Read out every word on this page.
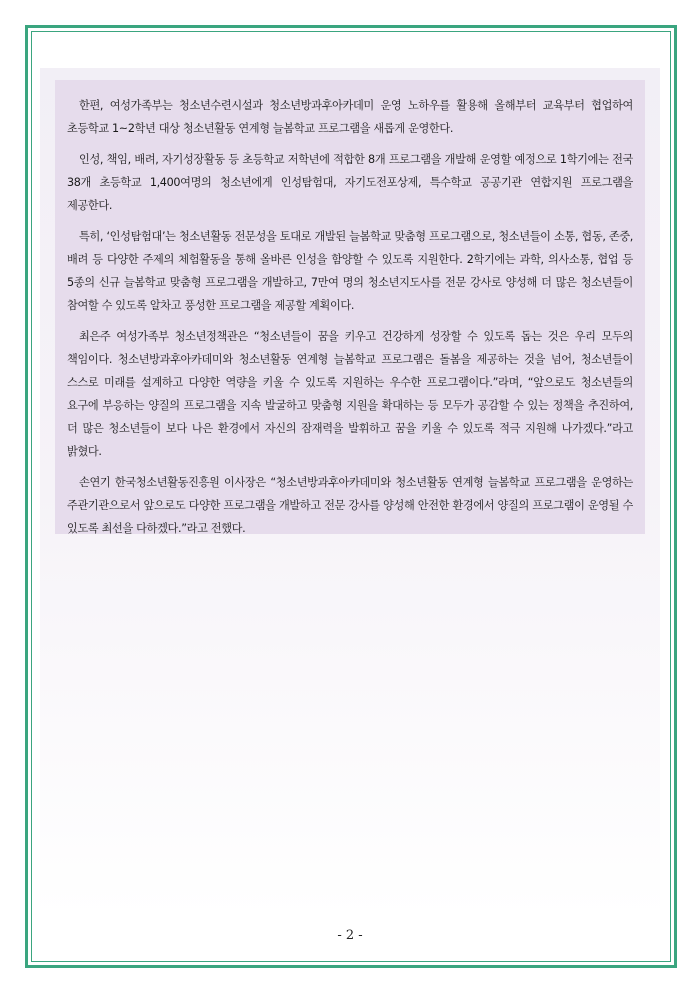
한편, 여성가족부는 청소년수련시설과 청소년방과후아카데미 운영 노하우를 활용해 올해부터 교육부터 협업하여 초등학교 1~2학년 대상 청소년활동 연계형 늘봄학교 프로그램을 새롭게 운영한다.

인성, 책임, 배려, 자기성장활동 등 초등학교 저학년에 적합한 8개 프로그램을 개발해 운영할 예정으로 1학기에는 전국 38개 초등학교 1,400여명의 청소년에게 인성탐험대, 자기도전포상제, 특수학교 공공기관 연합지원 프로그램을 제공한다.

특히, ‘인성탐험대’는 청소년활동 전문성을 토대로 개발된 늘봄학교 맞춤형 프로그램으로, 청소년들이 소통, 협동, 존중, 배려 등 다양한 주제의 체험활동을 통해 올바른 인성을 함양할 수 있도록 지원한다. 2학기에는 과학, 의사소통, 협업 등 5종의 신규 늘봄학교 맞춤형 프로그램을 개발하고, 7만여 명의 청소년지도사를 전문 강사로 양성해 더 많은 청소년들이 참여할 수 있도록 알차고 풍성한 프로그램을 제공할 계획이다.

최은주 여성가족부 청소년정책관은 “청소년들이 꿈을 키우고 건강하게 성장할 수 있도록 돕는 것은 우리 모두의 책임이다. 청소년방과후아카데미와 청소년활동 연계형 늘봄학교 프로그램은 돌봄을 제공하는 것을 넘어, 청소년들이 스스로 미래를 설계하고 다양한 역량을 키울 수 있도록 지원하는 우수한 프로그램이다.”라며, “앞으로도 청소년들의 요구에 부응하는 양질의 프로그램을 지속 발굴하고 맞춤형 지원을 확대하는 등 모두가 공감할 수 있는 정책을 추진하여, 더 많은 청소년들이 보다 나은 환경에서 자신의 잠재력을 발휘하고 꿈을 키울 수 있도록 적극 지원해 나가겠다.”라고 밝혔다.

손연기 한국청소년활동진흥원 이사장은 “청소년방과후아카데미와 청소년활동 연계형 늘봄학교 프로그램을 운영하는 주관기관으로서 앞으로도 다양한 프로그램을 개발하고 전문 강사를 양성해 안전한 환경에서 양질의 프로그램이 운영될 수 있도록 최선을 다하겠다.”라고 전했다.

- 2 -
